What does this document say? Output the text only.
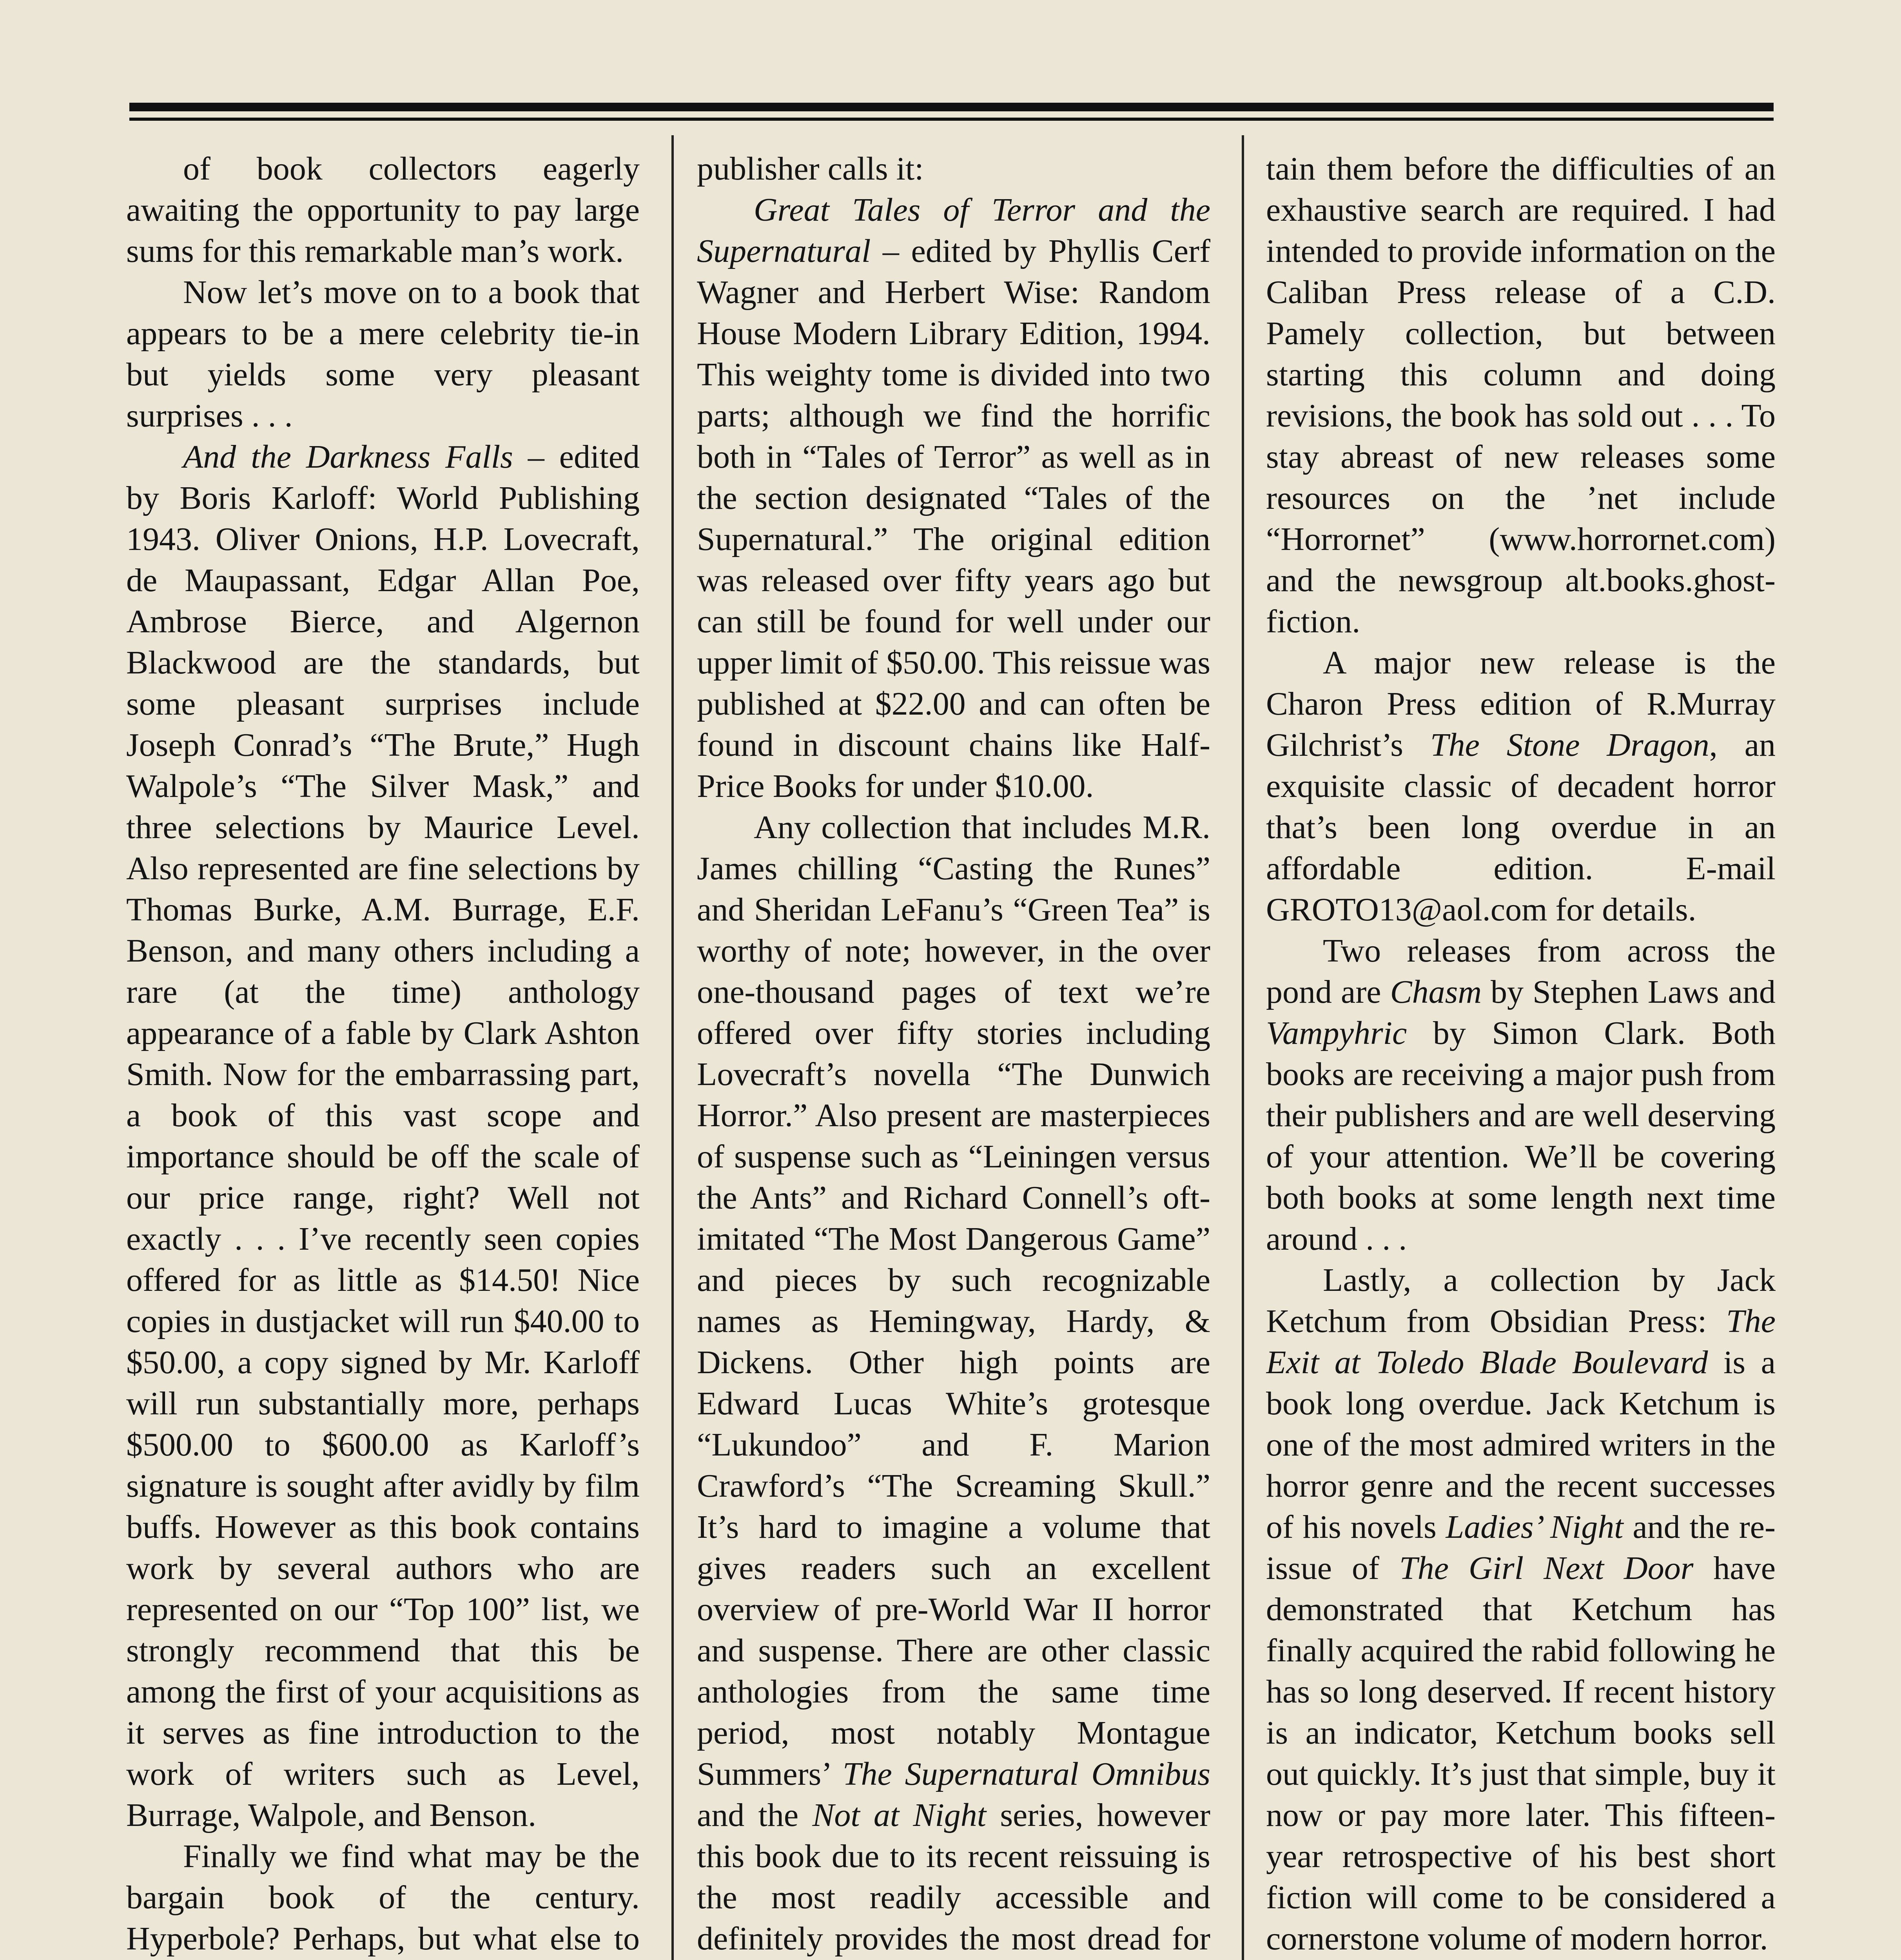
of book collectors eagerly awaiting the opportunity to pay large sums for this remarkable man’s work.

Now let’s move on to a book that appears to be a mere celebrity tie-in but yields some very pleasant surprises . . .

And the Darkness Falls – edited by Boris Karloff: World Publishing 1943. Oliver Onions, H.P. Lovecraft, de Maupassant, Edgar Allan Poe, Ambrose Bierce, and Algernon Blackwood are the standards, but some pleasant surprises include Joseph Conrad’s “The Brute,” Hugh Walpole’s “The Silver Mask,” and three selections by Maurice Level. Also represented are fine selections by Thomas Burke, A.M. Burrage, E.F. Benson, and many others including a rare (at the time) anthology appearance of a fable by Clark Ashton Smith. Now for the embarrassing part, a book of this vast scope and importance should be off the scale of our price range, right? Well not exactly . . . I’ve recently seen copies offered for as little as $14.50! Nice copies in dustjacket will run $40.00 to $50.00, a copy signed by Mr. Karloff will run substantially more, perhaps $500.00 to $600.00 as Karloff’s signature is sought after avidly by film buffs. However as this book contains work by several authors who are represented on our “Top 100” list, we strongly recommend that this be among the first of your acquisitions as it serves as fine introduction to the work of writers such as Level, Burrage, Walpole, and Benson.

Finally we find what may be the bargain book of the century. Hyperbole? Perhaps, but what else to

publisher calls it:

Great Tales of Terror and the Supernatural – edited by Phyllis Cerf Wagner and Herbert Wise: Random House Modern Library Edition, 1994. This weighty tome is divided into two parts; although we find the horrific both in “Tales of Terror” as well as in the section designated “Tales of the Supernatural.” The original edition was released over fifty years ago but can still be found for well under our upper limit of $50.00. This reissue was published at $22.00 and can often be found in discount chains like Half-Price Books for under $10.00.

Any collection that includes M.R. James chilling “Casting the Runes” and Sheridan LeFanu’s “Green Tea” is worthy of note; however, in the over one-thousand pages of text we’re offered over fifty stories including Lovecraft’s novella “The Dunwich Horror.” Also present are masterpieces of suspense such as “Leiningen versus the Ants” and Richard Connell’s oft-imitated “The Most Dangerous Game” and pieces by such recognizable names as Hemingway, Hardy, & Dickens. Other high points are Edward Lucas White’s grotesque “Lukundoo” and F. Marion Crawford’s “The Screaming Skull.” It’s hard to imagine a volume that gives readers such an excellent overview of pre-World War II horror and suspense. There are other classic anthologies from the same time period, most notably Montague Summers’ The Supernatural Omnibus and the Not at Night series, however this book due to its recent reissuing is the most readily accessible and definitely provides the most dread for

tain them before the difficulties of an exhaustive search are required. I had intended to provide information on the Caliban Press release of a C.D. Pamely collection, but between starting this column and doing revisions, the book has sold out . . . To stay abreast of new releases some resources on the ’net include “Horrornet” (www.horrornet.com) and the newsgroup alt.books.ghost-fiction.

A major new release is the Charon Press edition of R.Murray Gilchrist’s The Stone Dragon, an exquisite classic of decadent horror that’s been long overdue in an affordable edition. E-mail GROTO13@aol.com for details.

Two releases from across the pond are Chasm by Stephen Laws and Vampyhric by Simon Clark. Both books are receiving a major push from their publishers and are well deserving of your attention. We’ll be covering both books at some length next time around . . .

Lastly, a collection by Jack Ketchum from Obsidian Press: The Exit at Toledo Blade Boulevard is a book long overdue. Jack Ketchum is one of the most admired writers in the horror genre and the recent successes of his novels Ladies’ Night and the re-issue of The Girl Next Door have demonstrated that Ketchum has finally acquired the rabid following he has so long deserved. If recent history is an indicator, Ketchum books sell out quickly. It’s just that simple, buy it now or pay more later. This fifteen-year retrospective of his best short fiction will come to be considered a cornerstone volume of modern horror.
